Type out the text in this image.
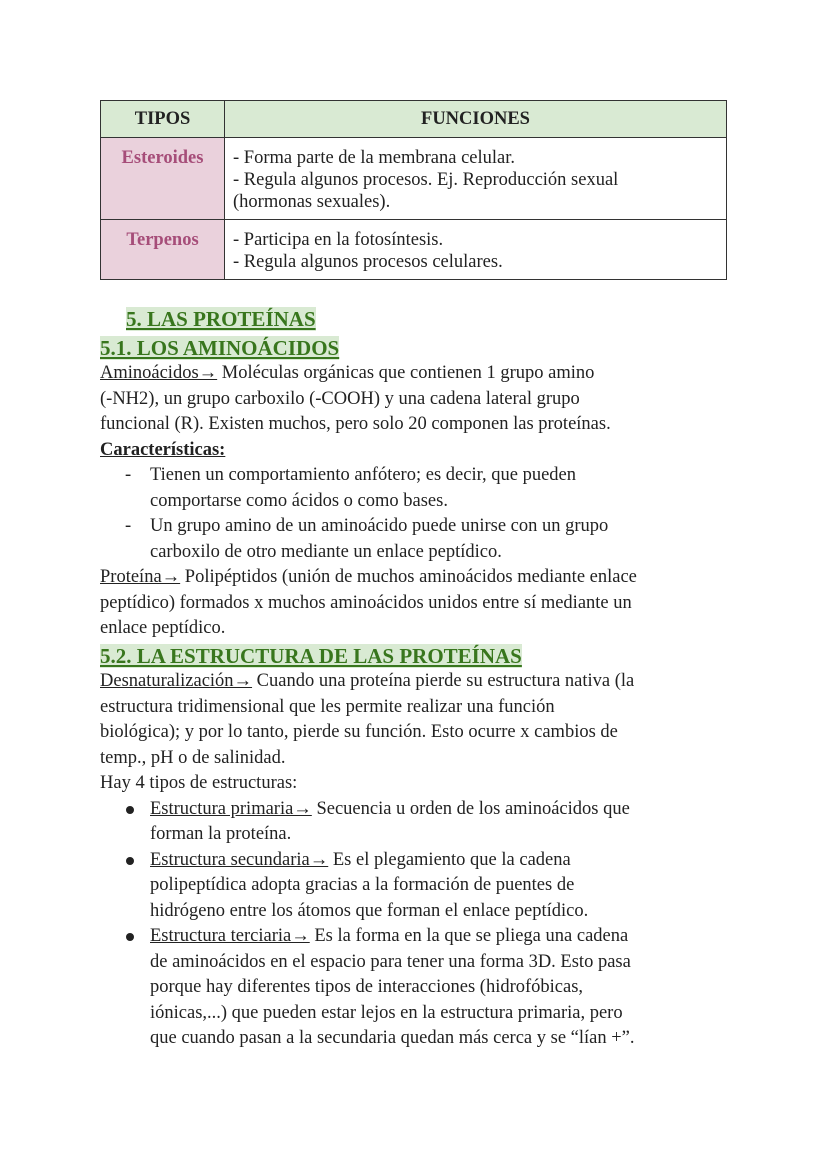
TIPOS	FUNCIONES
Esteroides	- Forma parte de la membrana celular.
- Regula algunos procesos. Ej. Reproducción sexual
(hormonas sexuales).

Terpenos	- Participa en la fotosíntesis.
- Regula algunos procesos celulares.
5. LAS PROTEÍNAS
5.1. LOS AMINOÁCIDOS
Aminoácidos→ Moléculas orgánicas que contienen 1 grupo amino
(-NH2), un grupo carboxilo (-COOH) y una cadena lateral grupo
funcional (R). Existen muchos, pero solo 20 componen las proteínas.
Características:
- Tienen un comportamiento anfótero; es decir, que pueden
comportarse como ácidos o como bases.
- Un grupo amino de un aminoácido puede unirse con un grupo
carboxilo de otro mediante un enlace peptídico.
Proteína→ Polipéptidos (unión de muchos aminoácidos mediante enlace
peptídico) formados x muchos aminoácidos unidos entre sí mediante un
enlace peptídico.
5.2. LA ESTRUCTURA DE LAS PROTEÍNAS
Desnaturalización→ Cuando una proteína pierde su estructura nativa (la
estructura tridimensional que les permite realizar una función
biológica); y por lo tanto, pierde su función. Esto ocurre x cambios de
temp., pH o de salinidad.
Hay 4 tipos de estructuras:
Estructura primaria→ Secuencia u orden de los aminoácidos que
forman la proteína.
Estructura secundaria→ Es el plegamiento que la cadena
polipeptídica adopta gracias a la formación de puentes de
hidrógeno entre los átomos que forman el enlace peptídico.
Estructura terciaria→ Es la forma en la que se pliega una cadena
de aminoácidos en el espacio para tener una forma 3D. Esto pasa
porque hay diferentes tipos de interacciones (hidrofóbicas,
iónicas,...) que pueden estar lejos en la estructura primaria, pero
que cuando pasan a la secundaria quedan más cerca y se “lían +”.
